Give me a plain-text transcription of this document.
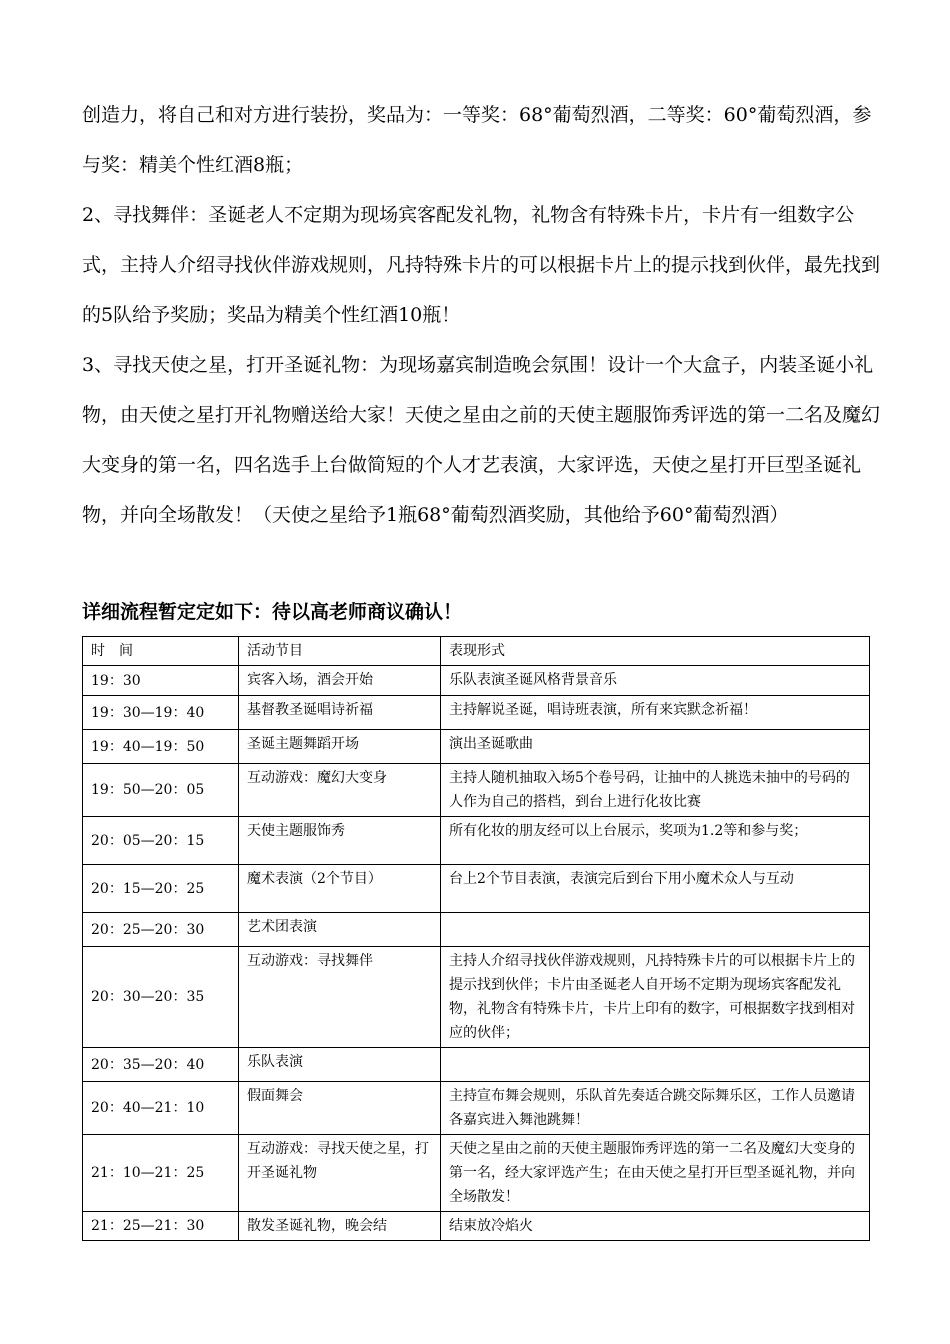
创造力，将自己和对方进行装扮，奖品为：一等奖：68°葡萄烈酒，二等奖：60°葡萄烈酒，参与奖：精美个性红酒8瓶；

2、寻找舞伴：圣诞老人不定期为现场宾客配发礼物，礼物含有特殊卡片，卡片有一组数字公式，主持人介绍寻找伙伴游戏规则，凡持特殊卡片的可以根据卡片上的提示找到伙伴，最先找到的5队给予奖励；奖品为精美个性红酒10瓶！

3、寻找天使之星，打开圣诞礼物：为现场嘉宾制造晚会氛围！设计一个大盒子，内装圣诞小礼物，由天使之星打开礼物赠送给大家！天使之星由之前的天使主题服饰秀评选的第一二名及魔幻大变身的第一名，四名选手上台做简短的个人才艺表演，大家评选，天使之星打开巨型圣诞礼物，并向全场散发！（天使之星给予1瓶68°葡萄烈酒奖励，其他给予60°葡萄烈酒）

详细流程暂定定如下：待以高老师商议确认！
时　间	活动节目	表现形式
19：30	宾客入场，酒会开始	乐队表演圣诞风格背景音乐
19：30—19：40	基督教圣诞唱诗祈福	主持解说圣诞，唱诗班表演，所有来宾默念祈福！
19：40—19：50	圣诞主题舞蹈开场	演出圣诞歌曲
19：50—20：05	互动游戏：魔幻大变身	主持人随机抽取入场5个卷号码，让抽中的人挑选未抽中的号码的人作为自己的搭档，到台上进行化妆比赛
20：05—20：15	天使主题服饰秀	所有化妆的朋友经可以上台展示，奖项为1.2等和参与奖；
20：15—20：25	魔术表演（2个节目）	台上2个节目表演，表演完后到台下用小魔术众人与互动
20：25—20：30	艺术团表演	
20：30—20：35	互动游戏：寻找舞伴	主持人介绍寻找伙伴游戏规则，凡持特殊卡片的可以根据卡片上的提示找到伙伴；卡片由圣诞老人自开场不定期为现场宾客配发礼物，礼物含有特殊卡片，卡片上印有的数字，可根据数字找到相对应的伙伴；
20：35—20：40	乐队表演	
20：40—21：10	假面舞会	主持宣布舞会规则，乐队首先奏适合跳交际舞乐区，工作人员邀请各嘉宾进入舞池跳舞！
21：10—21：25	互动游戏：寻找天使之星，打开圣诞礼物	天使之星由之前的天使主题服饰秀评选的第一二名及魔幻大变身的第一名，经大家评选产生；在由天使之星打开巨型圣诞礼物，并向全场散发！
21：25—21：30	散发圣诞礼物，晚会结	结束放冷焰火
